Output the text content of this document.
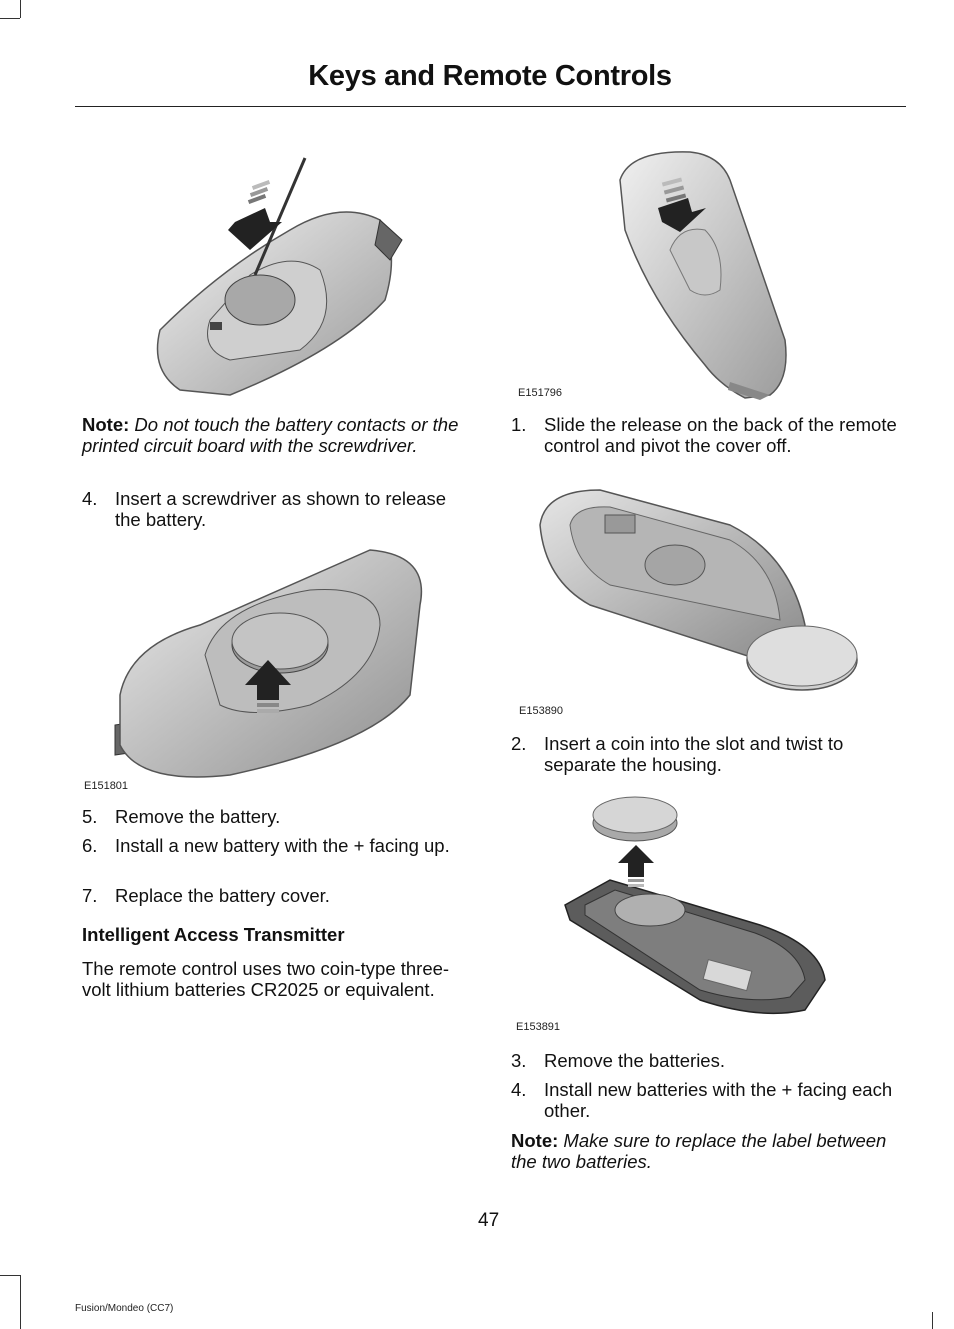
Keys and Remote Controls
Note: Do not touch the battery contacts or the printed circuit board with the screwdriver.
4. Insert a screwdriver as shown to release the battery.
E151801
5. Remove the battery.
6. Install a new battery with the + facing up.
7. Replace the battery cover.
Intelligent Access Transmitter
The remote control uses two coin-type three-volt lithium batteries CR2025 or equivalent.
E151796
1. Slide the release on the back of the remote control and pivot the cover off.
E153890
2. Insert a coin into the slot and twist to separate the housing.
E153891
3. Remove the batteries.
4. Install new batteries with the + facing each other.
Note: Make sure to replace the label between the two batteries.
47
Fusion/Mondeo (CC7)
